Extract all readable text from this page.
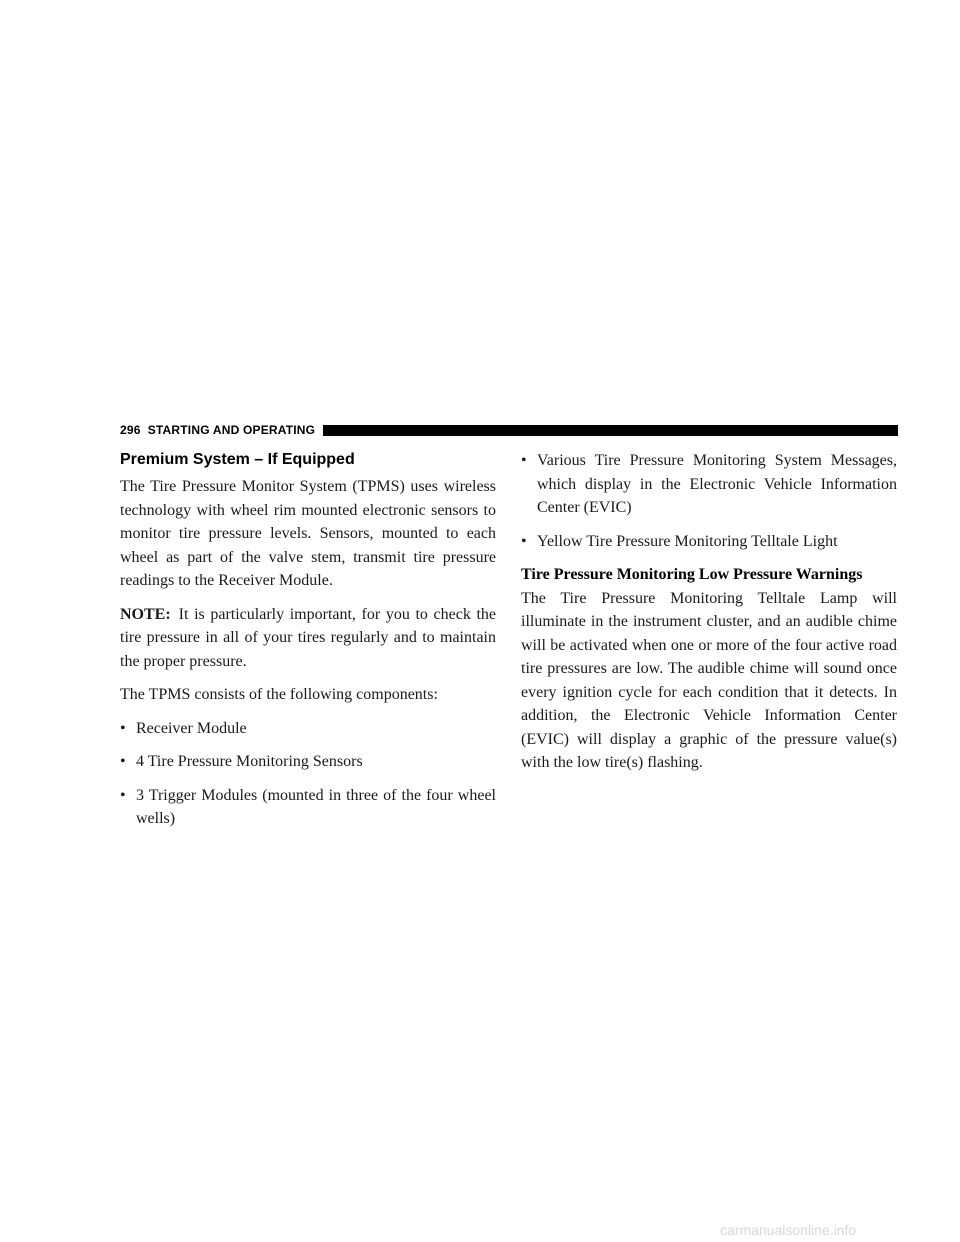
296 STARTING AND OPERATING
Premium System – If Equipped

The Tire Pressure Monitor System (TPMS) uses wireless technology with wheel rim mounted electronic sensors to monitor tire pressure levels. Sensors, mounted to each wheel as part of the valve stem, transmit tire pressure readings to the Receiver Module.

NOTE: It is particularly important, for you to check the tire pressure in all of your tires regularly and to maintain the proper pressure.

The TPMS consists of the following components:

• Receiver Module
• 4 Tire Pressure Monitoring Sensors
• 3 Trigger Modules (mounted in three of the four wheel wells)
• Various Tire Pressure Monitoring System Messages, which display in the Electronic Vehicle Information Center (EVIC)
• Yellow Tire Pressure Monitoring Telltale Light
Tire Pressure Monitoring Low Pressure Warnings

The Tire Pressure Monitoring Telltale Lamp will illuminate in the instrument cluster, and an audible chime will be activated when one or more of the four active road tire pressures are low. The audible chime will sound once every ignition cycle for each condition that it detects. In addition, the Electronic Vehicle Information Center (EVIC) will display a graphic of the pressure value(s) with the low tire(s) flashing.

carmanualsonline.info
